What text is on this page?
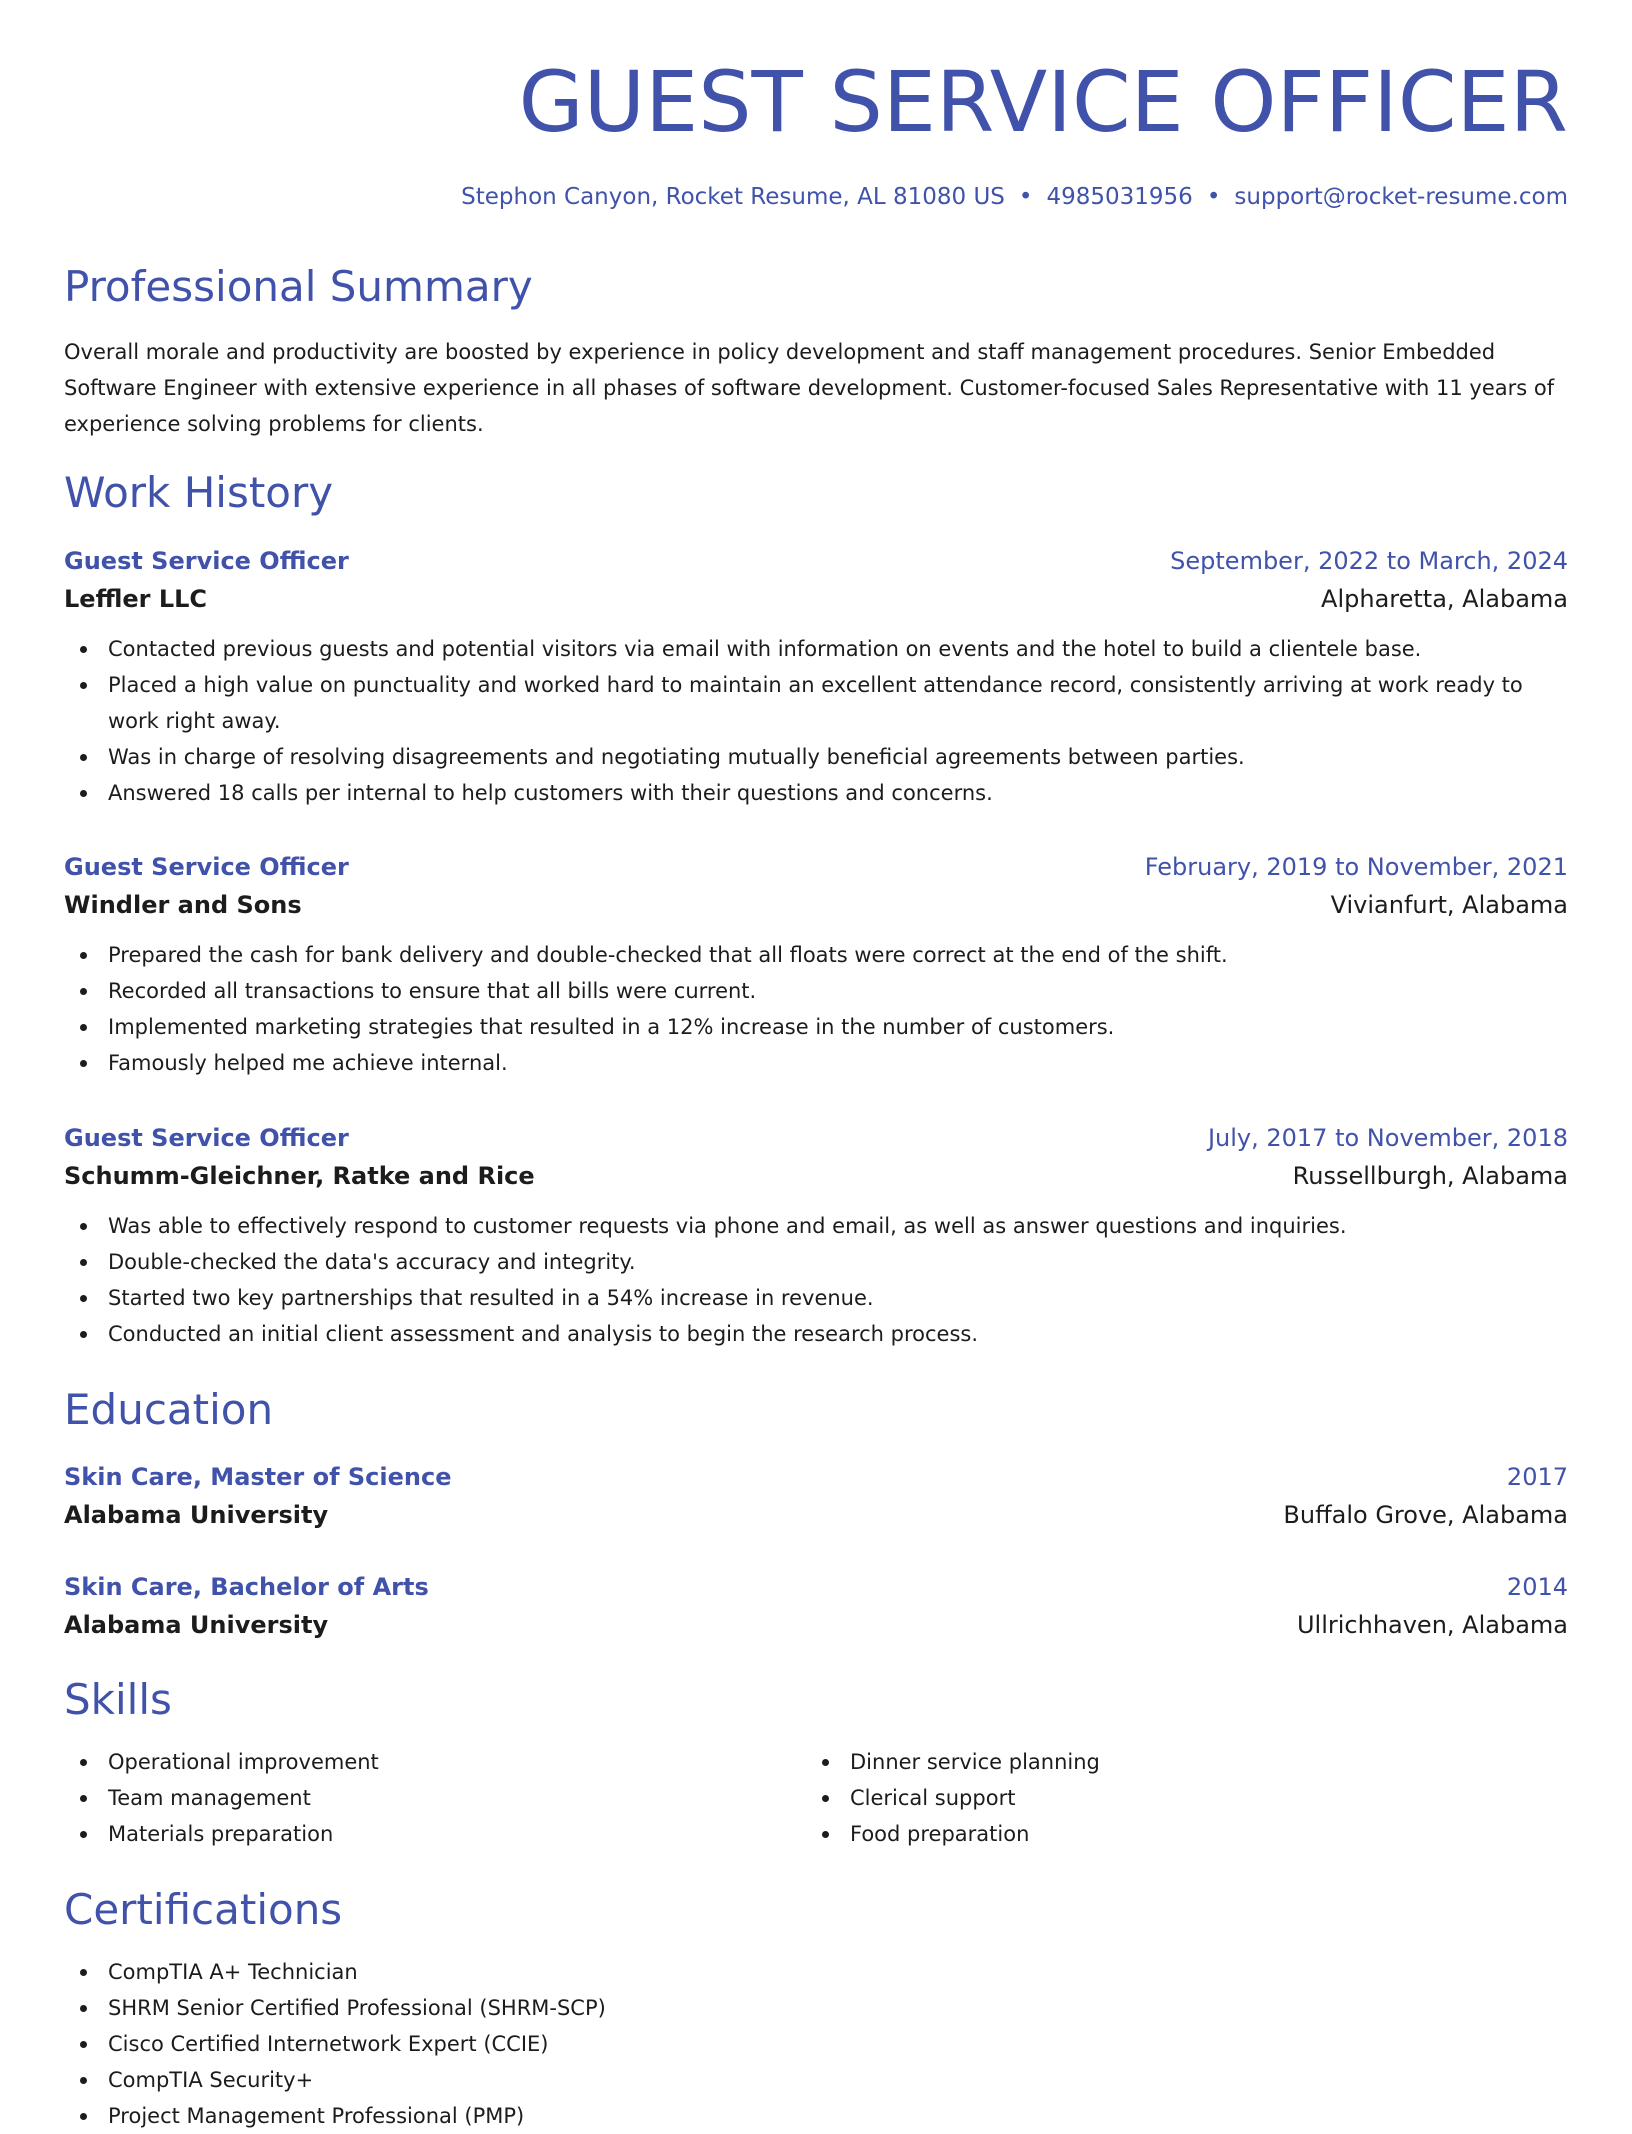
GUEST SERVICE OFFICER
Stephon Canyon, Rocket Resume, AL 81080 US • 4985031956 • support@rocket-resume.com
Professional Summary

Overall morale and productivity are boosted by experience in policy development and staff management procedures. Senior Embedded Software Engineer with extensive experience in all phases of software development. Customer-focused Sales Representative with 11 years of experience solving problems for clients.

Work History
Guest Service Officer	September, 2022 to March, 2024
Leffler LLC	Alpharetta, Alabama
Contacted previous guests and potential visitors via email with information on events and the hotel to build a clientele base.
Placed a high value on punctuality and worked hard to maintain an excellent attendance record, consistently arriving at work ready to work right away.
Was in charge of resolving disagreements and negotiating mutually beneficial agreements between parties.
Answered 18 calls per internal to help customers with their questions and concerns.
Guest Service Officer	February, 2019 to November, 2021
Windler and Sons	Vivianfurt, Alabama
Prepared the cash for bank delivery and double-checked that all floats were correct at the end of the shift.
Recorded all transactions to ensure that all bills were current.
Implemented marketing strategies that resulted in a 12% increase in the number of customers.
Famously helped me achieve internal.
Guest Service Officer	July, 2017 to November, 2018
Schumm-Gleichner, Ratke and Rice	Russellburgh, Alabama
Was able to effectively respond to customer requests via phone and email, as well as answer questions and inquiries.
Double-checked the data's accuracy and integrity.
Started two key partnerships that resulted in a 54% increase in revenue.
Conducted an initial client assessment and analysis to begin the research process.
Education
Skin Care, Master of Science	2017
Alabama University	Buffalo Grove, Alabama
Skin Care, Bachelor of Arts	2014
Alabama University	Ullrichhaven, Alabama
Skills
Operational improvement
Team management
Materials preparation
Dinner service planning
Clerical support
Food preparation
Certifications
CompTIA A+ Technician
SHRM Senior Certified Professional (SHRM-SCP)
Cisco Certified Internetwork Expert (CCIE)
CompTIA Security+
Project Management Professional (PMP)
